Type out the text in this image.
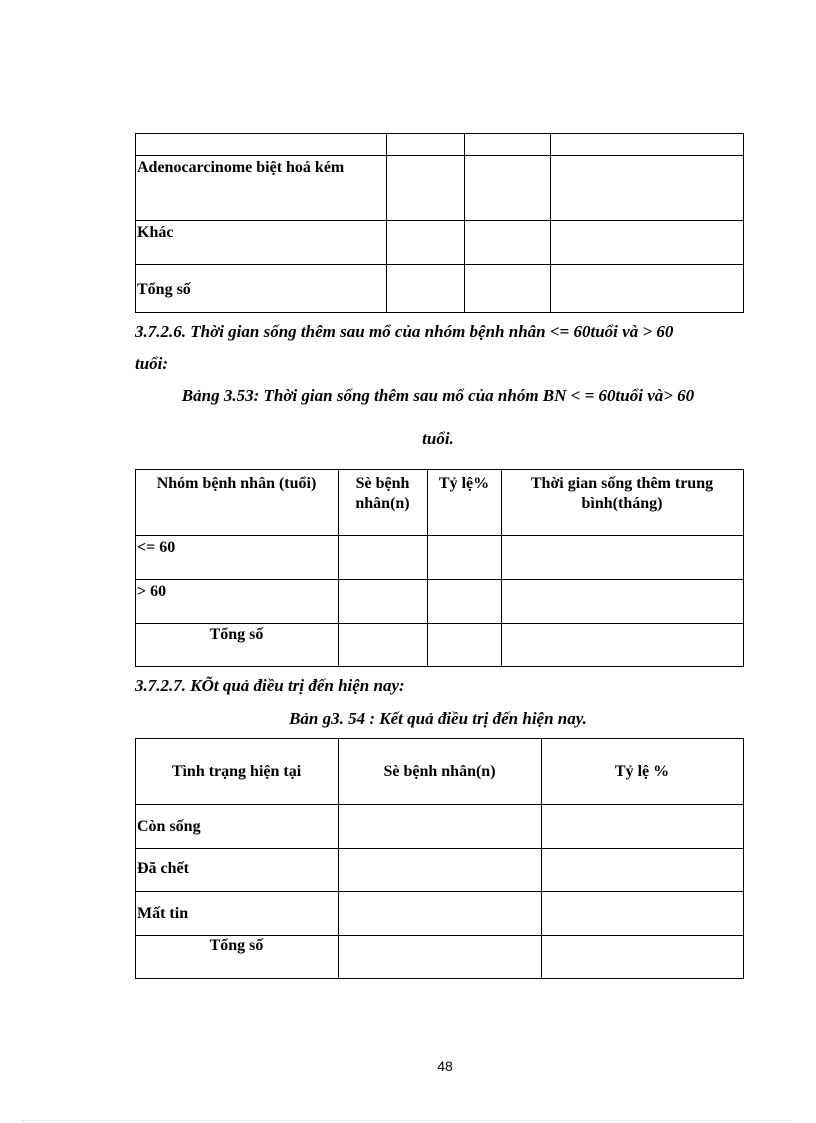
Adenocarcinome biệt hoá kém			
Khác			
Tổng số			
3.7.2.6. Thời gian sống thêm sau mổ của nhóm bệnh nhân <= 60tuổi và > 60
tuổi:
Bảng 3.53: Thời gian sống thêm sau mổ của nhóm BN < = 60tuổi và> 60
tuổi.
Nhóm bệnh nhân (tuổi)	Sè bệnh nhân(n)	Tỷ lệ%	Thời gian sống thêm trung bình(tháng)
<= 60			
> 60			
Tổng số			
3.7.2.7. KÕt quả điều trị đến hiện nay:
Bản g3. 54 : Kết quả điều trị đến hiện nay.
Tình trạng hiện tại	Sè bệnh nhân(n)	Tỷ lệ %
Còn sống		
Đã chết		
Mất tin		
Tổng số		
48
